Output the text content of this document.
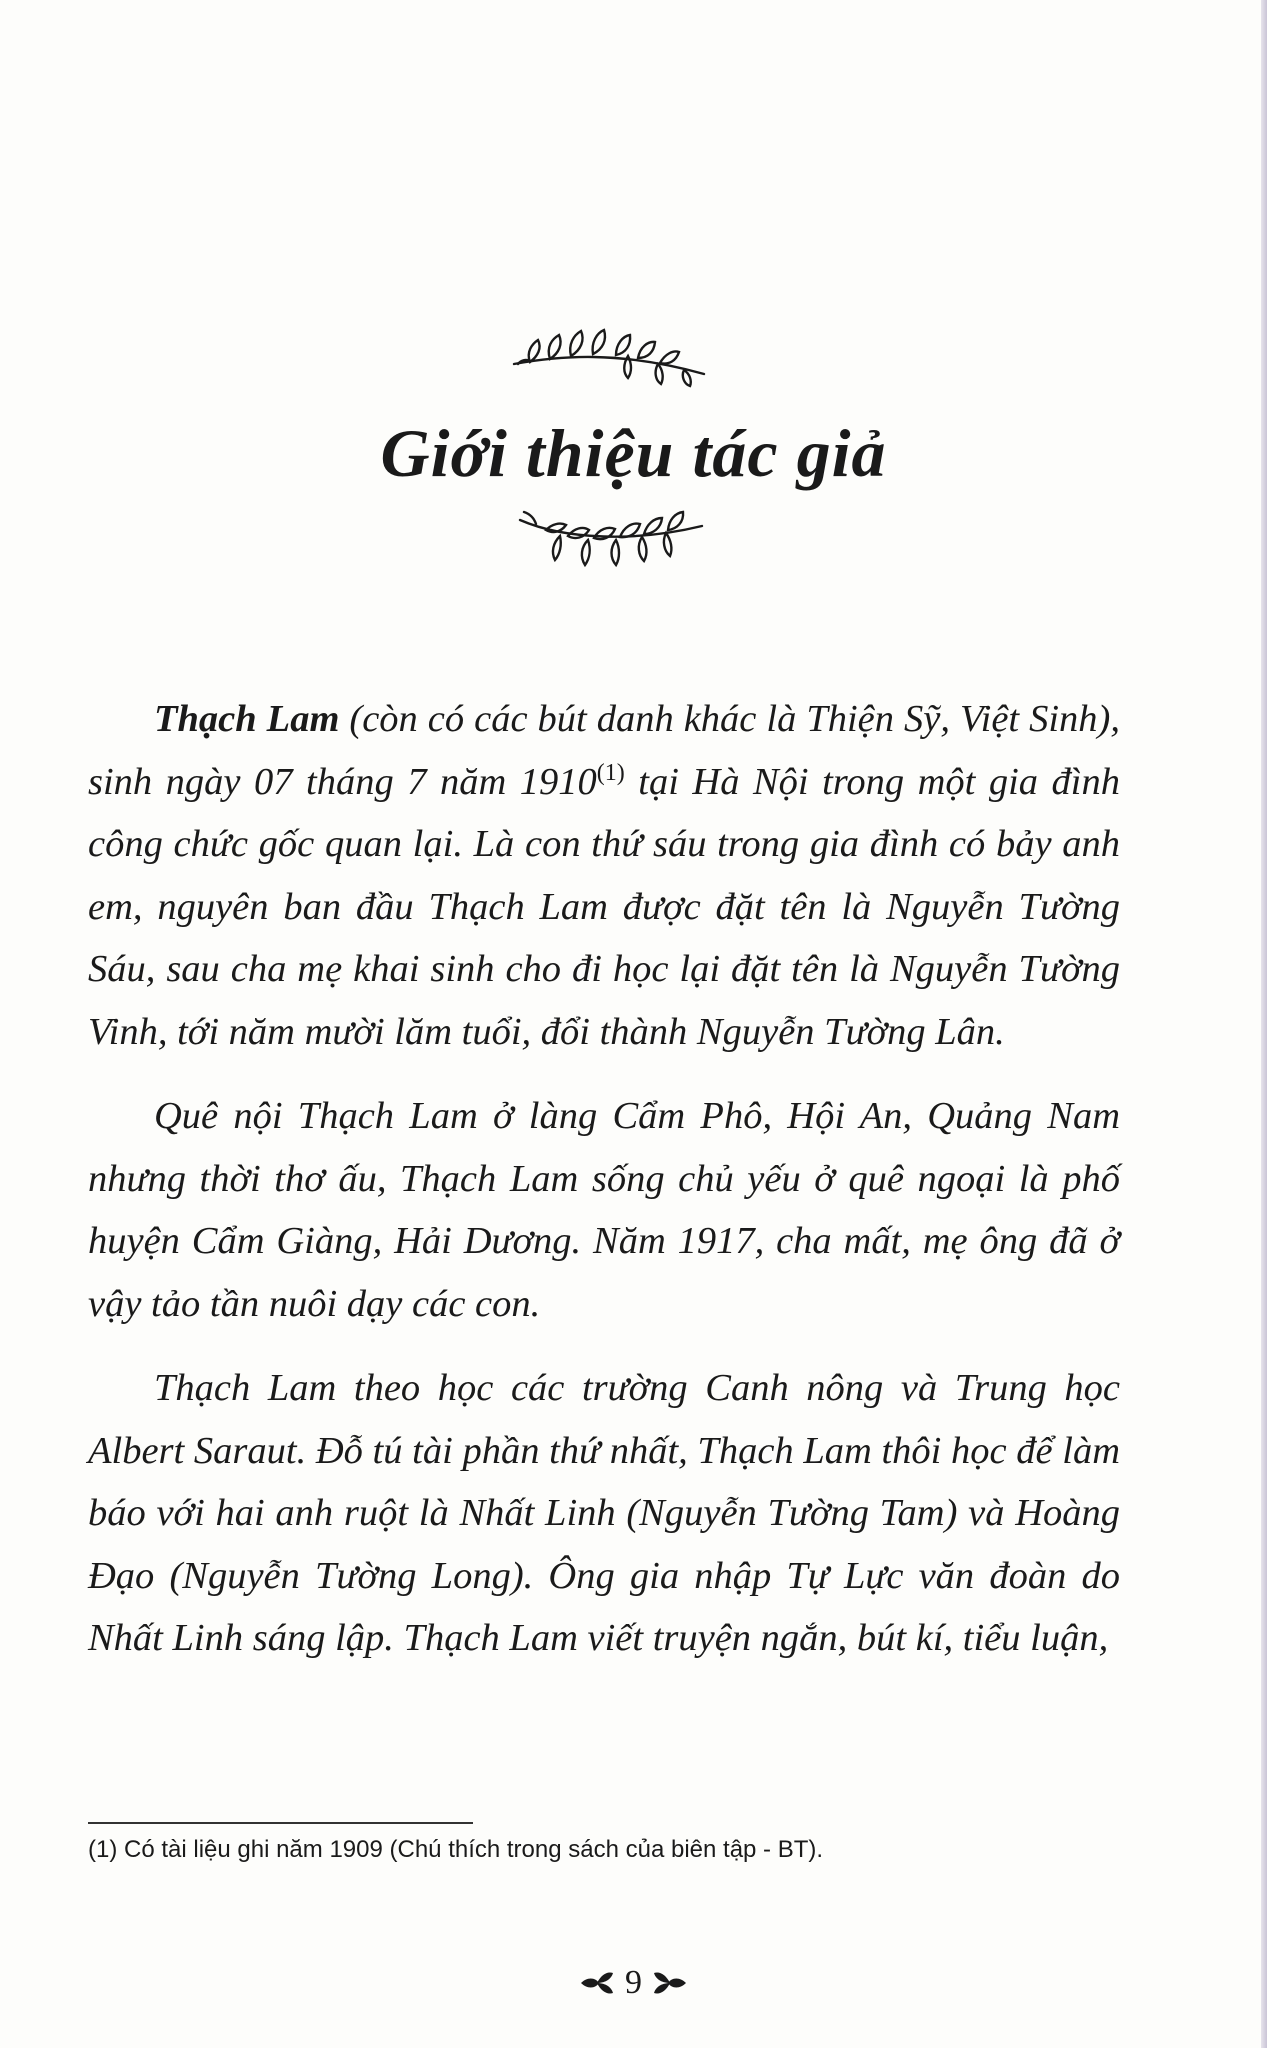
Giới thiệu tác giả

Thạch Lam (còn có các bút danh khác là Thiện Sỹ, Việt Sinh), sinh ngày 07 tháng 7 năm 1910$^{(1)}$ tại Hà Nội trong một gia đình công chức gốc quan lại. Là con thứ sáu trong gia đình có bảy anh em, nguyên ban đầu Thạch Lam được đặt tên là Nguyễn Tường Sáu, sau cha mẹ khai sinh cho đi học lại đặt tên là Nguyễn Tường Vinh, tới năm mười lăm tuổi, đổi thành Nguyễn Tường Lân.

Quê nội Thạch Lam ở làng Cẩm Phô, Hội An, Quảng Nam nhưng thời thơ ấu, Thạch Lam sống chủ yếu ở quê ngoại là phố huyện Cẩm Giàng, Hải Dương. Năm 1917, cha mất, mẹ ông đã ở vậy tảo tần nuôi dạy các con.

Thạch Lam theo học các trường Canh nông và Trung học Albert Saraut. Đỗ tú tài phần thứ nhất, Thạch Lam thôi học để làm báo với hai anh ruột là Nhất Linh (Nguyễn Tường Tam) và Hoàng Đạo (Nguyễn Tường Long). Ông gia nhập Tự Lực văn đoàn do Nhất Linh sáng lập. Thạch Lam viết truyện ngắn, bút kí, tiểu luận,

(1) Có tài liệu ghi năm 1909 (Chú thích trong sách của biên tập - BT).
9
